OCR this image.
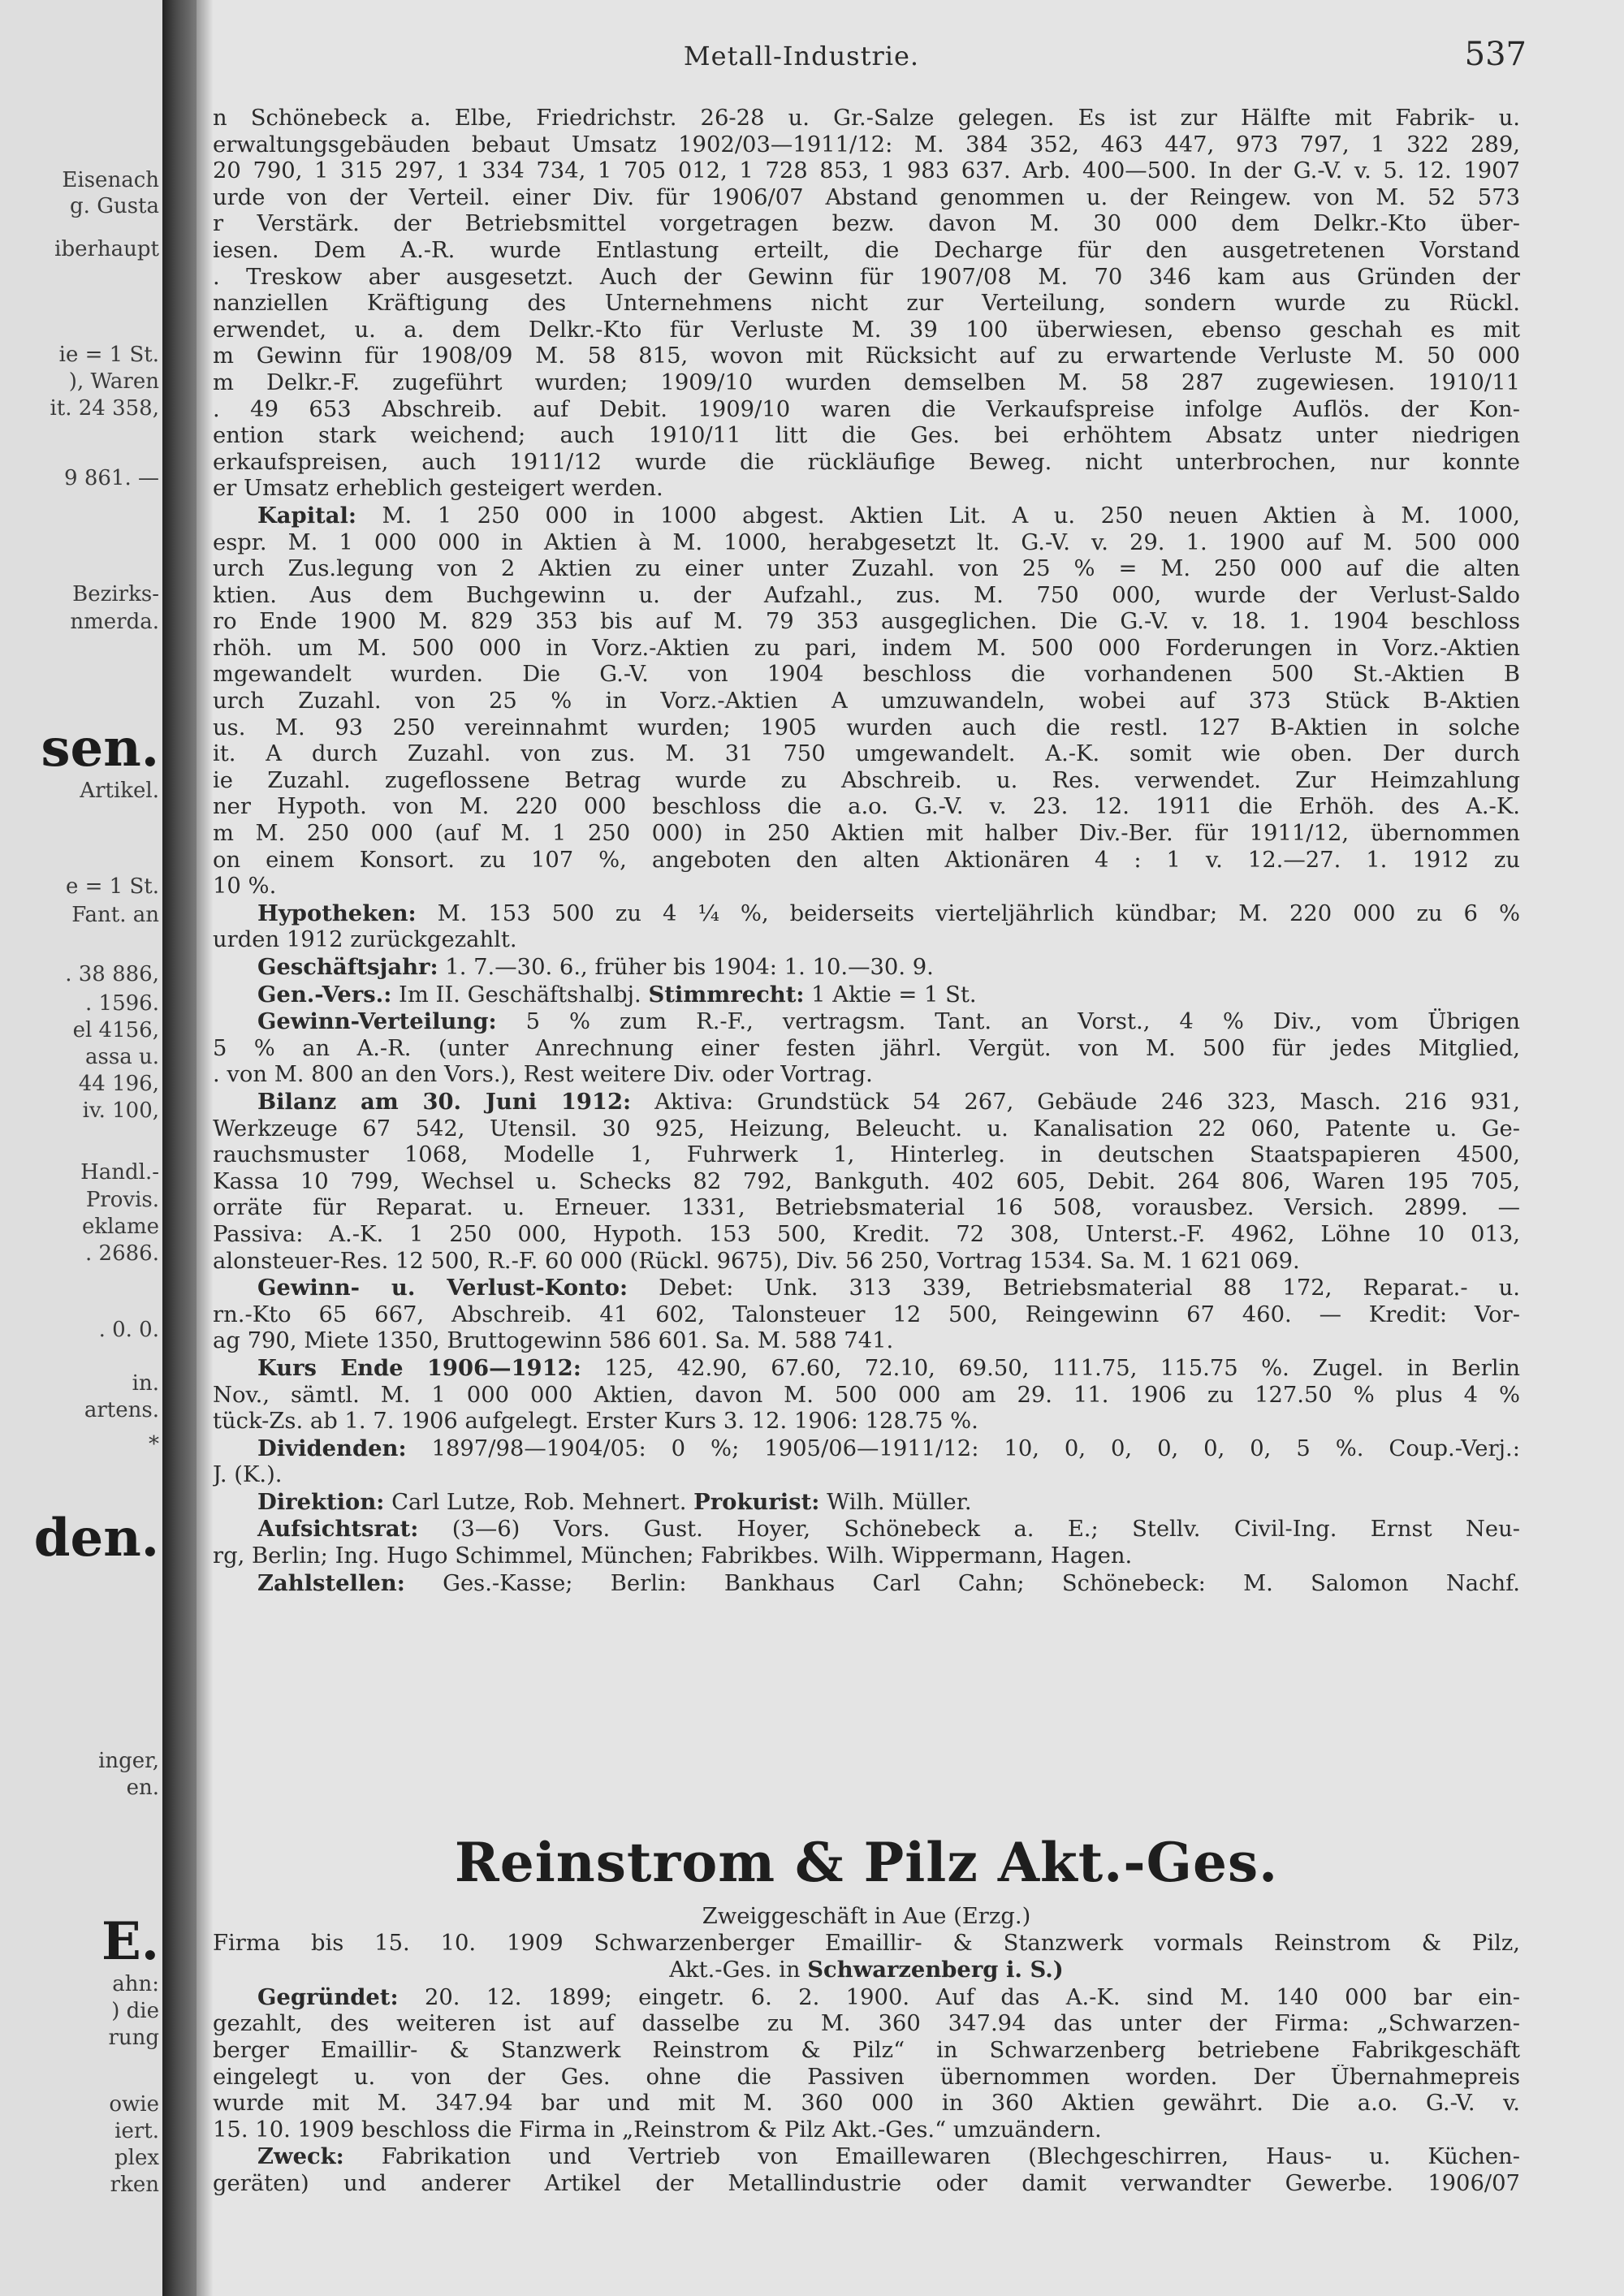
Eisenach
g. Gusta
iberhaupt
ie = 1 St.
), Waren
it. 24 358,
9 861. —
Bezirks-
nmerda.
Artikel.
e = 1 St.
Fant. an
. 38 886,
. 1596.
el 4156,
assa u.
44 196,
iv. 100,
Handl.-
Provis.
eklame
. 2686.
. 0. 0.
in.
artens.
*
inger,
en.
ahn:
) die
rung
owie
iert.
plex
rken
sen.
den.
E.
Metall-Industrie.	537
n Schönebeck a. Elbe, Friedrichstr. 26-28 u. Gr.-Salze gelegen. Es ist zur Hälfte mit Fabrik- u.
erwaltungsgebäuden bebaut Umsatz 1902/03—1911/12: M. 384 352, 463 447, 973 797, 1 322 289,
20 790, 1 315 297, 1 334 734, 1 705 012, 1 728 853, 1 983 637. Arb. 400—500. In der G.-V. v. 5. 12. 1907
urde von der Verteil. einer Div. für 1906/07 Abstand genommen u. der Reingew. von M. 52 573
r Verstärk. der Betriebsmittel vorgetragen bezw. davon M. 30 000 dem Delkr.-Kto über-
iesen. Dem A.-R. wurde Entlastung erteilt, die Decharge für den ausgetretenen Vorstand
. Treskow aber ausgesetzt. Auch der Gewinn für 1907/08 M. 70 346 kam aus Gründen der
nanziellen Kräftigung des Unternehmens nicht zur Verteilung, sondern wurde zu Rückl.
erwendet, u. a. dem Delkr.-Kto für Verluste M. 39 100 überwiesen, ebenso geschah es mit
m Gewinn für 1908/09 M. 58 815, wovon mit Rücksicht auf zu erwartende Verluste M. 50 000
m Delkr.-F. zugeführt wurden; 1909/10 wurden demselben M. 58 287 zugewiesen. 1910/11
. 49 653 Abschreib. auf Debit. 1909/10 waren die Verkaufspreise infolge Auflös. der Kon-
ention stark weichend; auch 1910/11 litt die Ges. bei erhöhtem Absatz unter niedrigen
erkaufspreisen, auch 1911/12 wurde die rückläufige Beweg. nicht unterbrochen, nur konnte
er Umsatz erheblich gesteigert werden.
Kapital: M. 1 250 000 in 1000 abgest. Aktien Lit. A u. 250 neuen Aktien à M. 1000,
espr. M. 1 000 000 in Aktien à M. 1000, herabgesetzt lt. G.-V. v. 29. 1. 1900 auf M. 500 000
urch Zus.legung von 2 Aktien zu einer unter Zuzahl. von 25 % = M. 250 000 auf die alten
ktien. Aus dem Buchgewinn u. der Aufzahl., zus. M. 750 000, wurde der Verlust-Saldo
ro Ende 1900 M. 829 353 bis auf M. 79 353 ausgeglichen. Die G.-V. v. 18. 1. 1904 beschloss
rhöh. um M. 500 000 in Vorz.-Aktien zu pari, indem M. 500 000 Forderungen in Vorz.-Aktien
mgewandelt wurden. Die G.-V. von 1904 beschloss die vorhandenen 500 St.-Aktien B
urch Zuzahl. von 25 % in Vorz.-Aktien A umzuwandeln, wobei auf 373 Stück B-Aktien
us. M. 93 250 vereinnahmt wurden; 1905 wurden auch die restl. 127 B-Aktien in solche
it. A durch Zuzahl. von zus. M. 31 750 umgewandelt. A.-K. somit wie oben. Der durch
ie Zuzahl. zugeflossene Betrag wurde zu Abschreib. u. Res. verwendet. Zur Heimzahlung
ner Hypoth. von M. 220 000 beschloss die a.o. G.-V. v. 23. 12. 1911 die Erhöh. des A.-K.
m M. 250 000 (auf M. 1 250 000) in 250 Aktien mit halber Div.-Ber. für 1911/12, übernommen
on einem Konsort. zu 107 %, angeboten den alten Aktionären 4 : 1 v. 12.—27. 1. 1912 zu
10 %.
Hypotheken: M. 153 500 zu 4 ¼ %, beiderseits vierteljährlich kündbar; M. 220 000 zu 6 %
urden 1912 zurückgezahlt.
Geschäftsjahr: 1. 7.—30. 6., früher bis 1904: 1. 10.—30. 9.
Gen.-Vers.: Im II. Geschäftshalbj. Stimmrecht: 1 Aktie = 1 St.
Gewinn-Verteilung: 5 % zum R.-F., vertragsm. Tant. an Vorst., 4 % Div., vom Übrigen
5 % an A.-R. (unter Anrechnung einer festen jährl. Vergüt. von M. 500 für jedes Mitglied,
. von M. 800 an den Vors.), Rest weitere Div. oder Vortrag.
Bilanz am 30. Juni 1912: Aktiva: Grundstück 54 267, Gebäude 246 323, Masch. 216 931,
Werkzeuge 67 542, Utensil. 30 925, Heizung, Beleucht. u. Kanalisation 22 060, Patente u. Ge-
rauchsmuster 1068, Modelle 1, Fuhrwerk 1, Hinterleg. in deutschen Staatspapieren 4500,
Kassa 10 799, Wechsel u. Schecks 82 792, Bankguth. 402 605, Debit. 264 806, Waren 195 705,
orräte für Reparat. u. Erneuer. 1331, Betriebsmaterial 16 508, vorausbez. Versich. 2899. —
Passiva: A.-K. 1 250 000, Hypoth. 153 500, Kredit. 72 308, Unterst.-F. 4962, Löhne 10 013,
alonsteuer-Res. 12 500, R.-F. 60 000 (Rückl. 9675), Div. 56 250, Vortrag 1534. Sa. M. 1 621 069.
Gewinn- u. Verlust-Konto: Debet: Unk. 313 339, Betriebsmaterial 88 172, Reparat.- u.
rn.-Kto 65 667, Abschreib. 41 602, Talonsteuer 12 500, Reingewinn 67 460. — Kredit: Vor-
ag 790, Miete 1350, Bruttogewinn 586 601. Sa. M. 588 741.
Kurs Ende 1906—1912: 125, 42.90, 67.60, 72.10, 69.50, 111.75, 115.75 %. Zugel. in Berlin
Nov., sämtl. M. 1 000 000 Aktien, davon M. 500 000 am 29. 11. 1906 zu 127.50 % plus 4 %
tück-Zs. ab 1. 7. 1906 aufgelegt. Erster Kurs 3. 12. 1906: 128.75 %.
Dividenden: 1897/98—1904/05: 0 %; 1905/06—1911/12: 10, 0, 0, 0, 0, 0, 5 %. Coup.-Verj.:
J. (K.).
Direktion: Carl Lutze, Rob. Mehnert. Prokurist: Wilh. Müller.
Aufsichtsrat: (3—6) Vors. Gust. Hoyer, Schönebeck a. E.; Stellv. Civil-Ing. Ernst Neu-
rg, Berlin; Ing. Hugo Schimmel, München; Fabrikbes. Wilh. Wippermann, Hagen.
Zahlstellen: Ges.-Kasse; Berlin: Bankhaus Carl Cahn; Schönebeck: M. Salomon Nachf.
Reinstrom & Pilz Akt.-Ges.
Zweiggeschäft in Aue (Erzg.)
Firma bis 15. 10. 1909 Schwarzenberger Emaillir- & Stanzwerk vormals Reinstrom & Pilz,
Akt.-Ges. in Schwarzenberg i. S.)
Gegründet: 20. 12. 1899; eingetr. 6. 2. 1900. Auf das A.-K. sind M. 140 000 bar ein-
gezahlt, des weiteren ist auf dasselbe zu M. 360 347.94 das unter der Firma: „Schwarzen-
berger Emaillir- & Stanzwerk Reinstrom & Pilz“ in Schwarzenberg betriebene Fabrikgeschäft
eingelegt u. von der Ges. ohne die Passiven übernommen worden. Der Übernahmepreis
wurde mit M. 347.94 bar und mit M. 360 000 in 360 Aktien gewährt. Die a.o. G.-V. v.
15. 10. 1909 beschloss die Firma in „Reinstrom & Pilz Akt.-Ges.“ umzuändern.
Zweck: Fabrikation und Vertrieb von Emaillewaren (Blechgeschirren, Haus- u. Küchen-
geräten) und anderer Artikel der Metallindustrie oder damit verwandter Gewerbe. 1906/07
